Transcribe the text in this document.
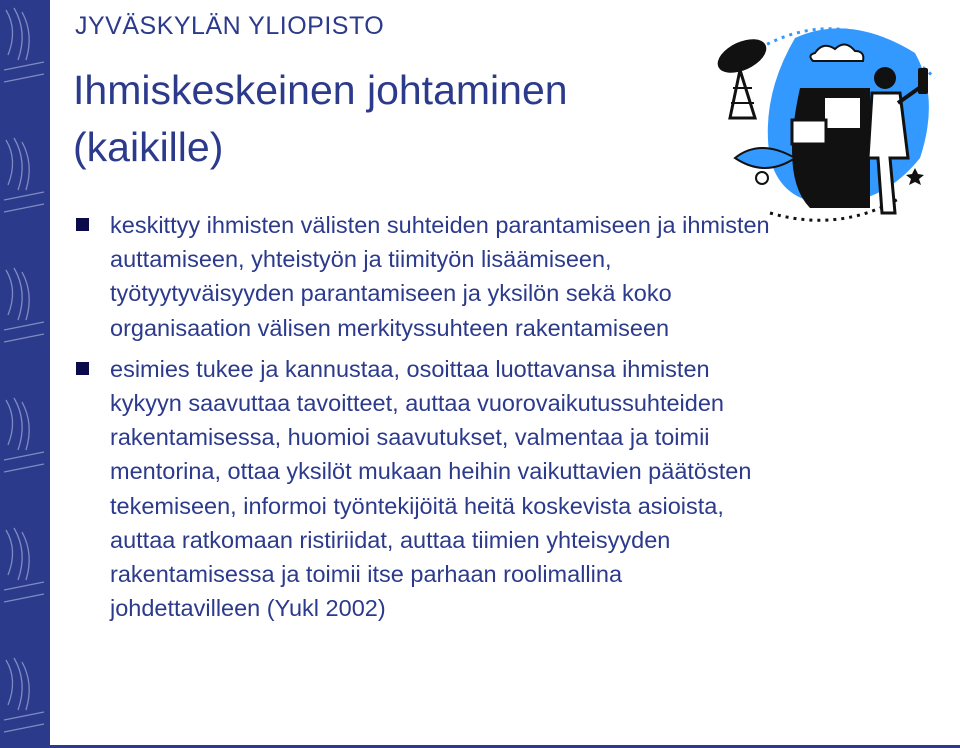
JYVÄSKYLÄN YLIOPISTO
Ihmiskeskeinen johtaminen
(kaikille)
keskittyy ihmisten välisten suhteiden parantamiseen ja ihmisten auttamiseen, yhteistyön ja tiimityön lisäämiseen, työtyytyväisyyden parantamiseen ja yksilön sekä koko organisaation välisen merkityssuhteen rakentamiseen
esimies tukee ja kannustaa, osoittaa luottavansa ihmisten kykyyn saavuttaa tavoitteet, auttaa vuorovaikutussuhteiden rakentamisessa, huomioi saavutukset, valmentaa ja toimii mentorina, ottaa yksilöt mukaan heihin vaikuttavien päätösten tekemiseen, informoi työntekijöitä heitä koskevista asioista, auttaa ratkomaan ristiriidat, auttaa tiimien yhteisyyden rakentamisessa ja toimii itse parhaan roolimallina johdettavilleen (Yukl 2002)
